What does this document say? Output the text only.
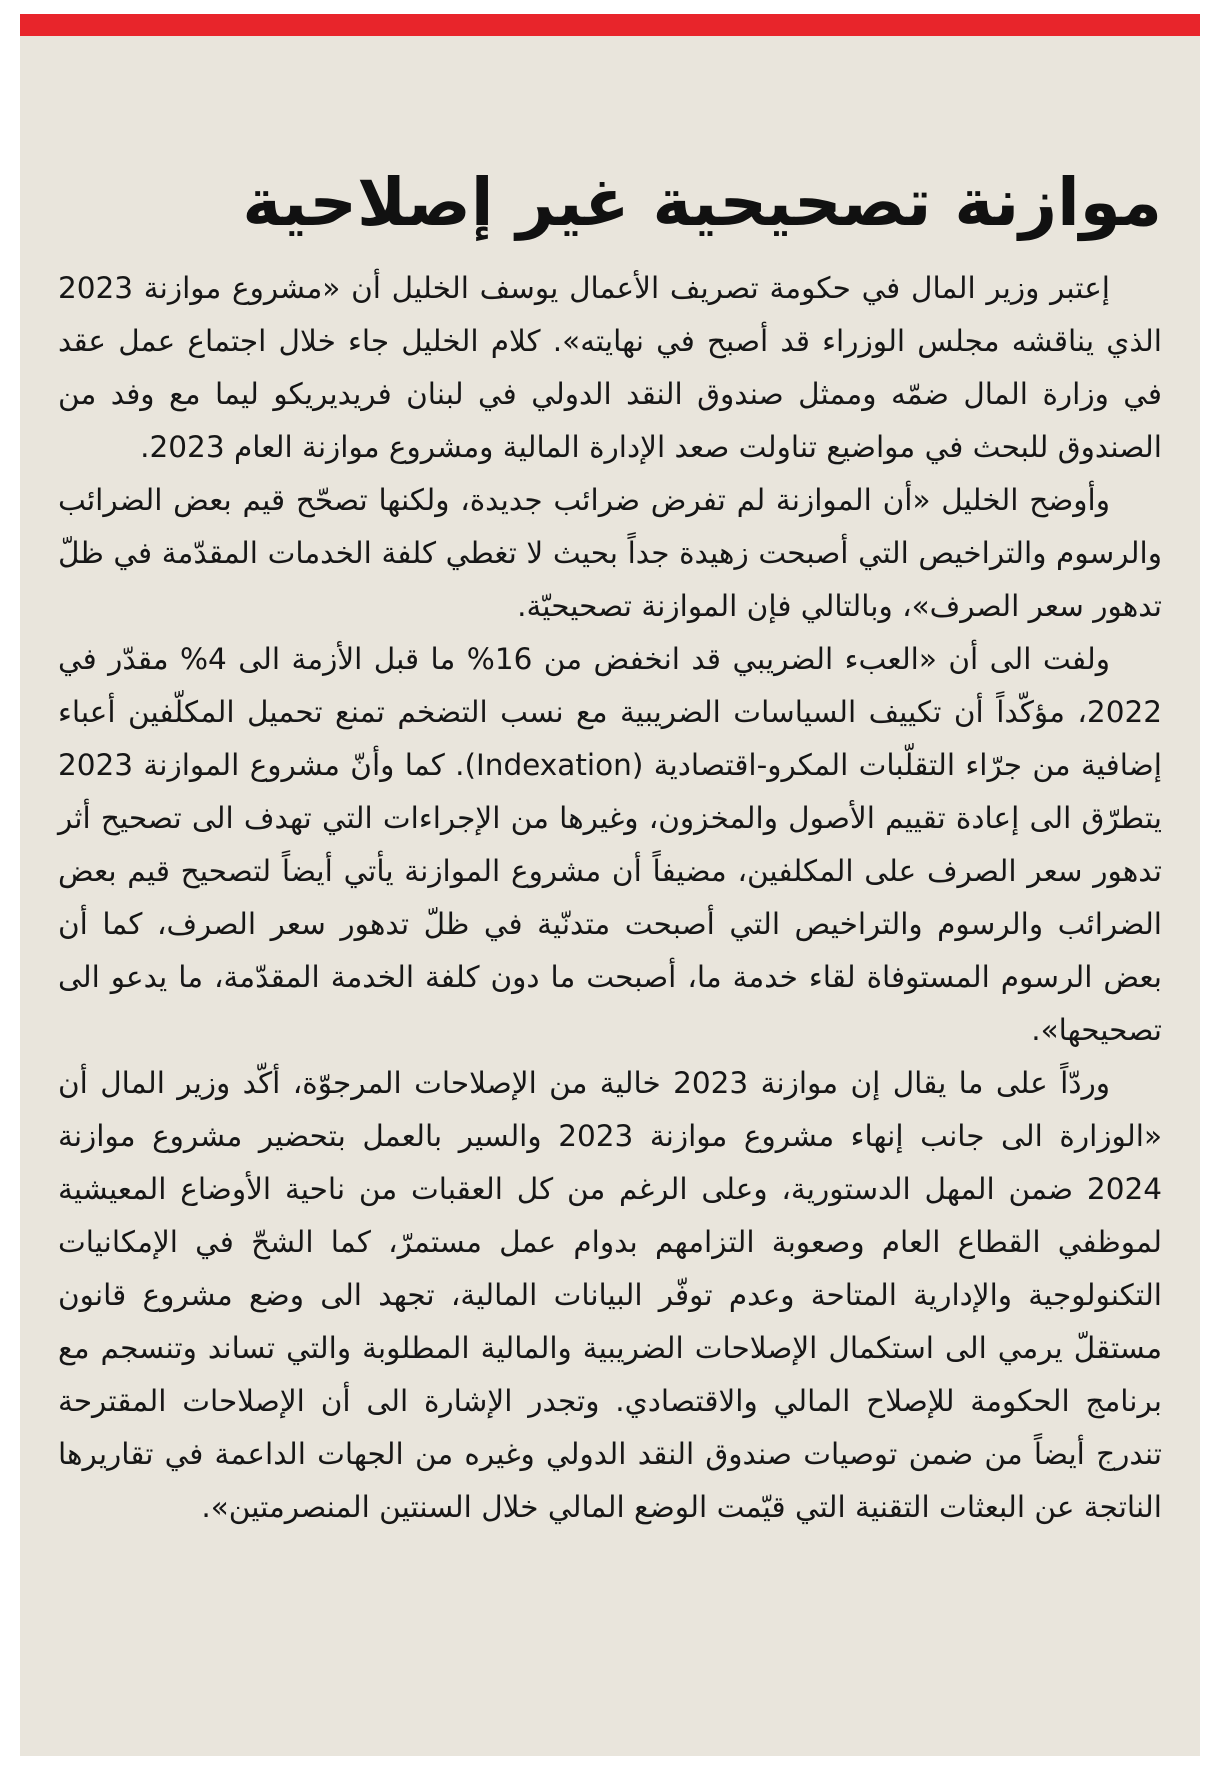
موازنة تصحيحية غير إصلاحية

إعتبر وزير المال في حكومة تصريف الأعمال يوسف الخليل أن «مشروع موازنة 2023 الذي يناقشه مجلس الوزراء قد أصبح في نهايته». كلام الخليل جاء خلال اجتماع عمل عقد في وزارة المال ضمّه وممثل صندوق النقد الدولي في لبنان فريديريكو ليما مع وفد من الصندوق للبحث في مواضيع تناولت صعد الإدارة المالية ومشروع موازنة العام 2023.

وأوضح الخليل «أن الموازنة لم تفرض ضرائب جديدة، ولكنها تصحّح قيم بعض الضرائب والرسوم والتراخيص التي أصبحت زهيدة جداً بحيث لا تغطي كلفة الخدمات المقدّمة في ظلّ تدهور سعر الصرف»، وبالتالي فإن الموازنة تصحيحيّة.

ولفت الى أن «العبء الضريبي قد انخفض من 16% ما قبل الأزمة الى 4% مقدّر في 2022، مؤكّداً أن تكييف السياسات الضريبية مع نسب التضخم تمنع تحميل المكلّفين أعباء إضافية من جرّاء التقلّبات المكرو-اقتصادية (Indexation). كما وأنّ مشروع الموازنة 2023 يتطرّق الى إعادة تقييم الأصول والمخزون، وغيرها من الإجراءات التي تهدف الى تصحيح أثر تدهور سعر الصرف على المكلفين، مضيفاً أن مشروع الموازنة يأتي أيضاً لتصحيح قيم بعض الضرائب والرسوم والتراخيص التي أصبحت متدنّية في ظلّ تدهور سعر الصرف، كما أن بعض الرسوم المستوفاة لقاء خدمة ما، أصبحت ما دون كلفة الخدمة المقدّمة، ما يدعو الى تصحيحها».

وردّاً على ما يقال إن موازنة 2023 خالية من الإصلاحات المرجوّة، أكّد وزير المال أن «الوزارة الى جانب إنهاء مشروع موازنة 2023 والسير بالعمل بتحضير مشروع موازنة 2024 ضمن المهل الدستورية، وعلى الرغم من كل العقبات من ناحية الأوضاع المعيشية لموظفي القطاع العام وصعوبة التزامهم بدوام عمل مستمرّ، كما الشحّ في الإمكانيات التكنولوجية والإدارية المتاحة وعدم توفّر البيانات المالية، تجهد الى وضع مشروع قانون مستقلّ يرمي الى استكمال الإصلاحات الضريبية والمالية المطلوبة والتي تساند وتنسجم مع برنامج الحكومة للإصلاح المالي والاقتصادي. وتجدر الإشارة الى أن الإصلاحات المقترحة تندرج أيضاً من ضمن توصيات صندوق النقد الدولي وغيره من الجهات الداعمة في تقاريرها الناتجة عن البعثات التقنية التي قيّمت الوضع المالي خلال السنتين المنصرمتين».
